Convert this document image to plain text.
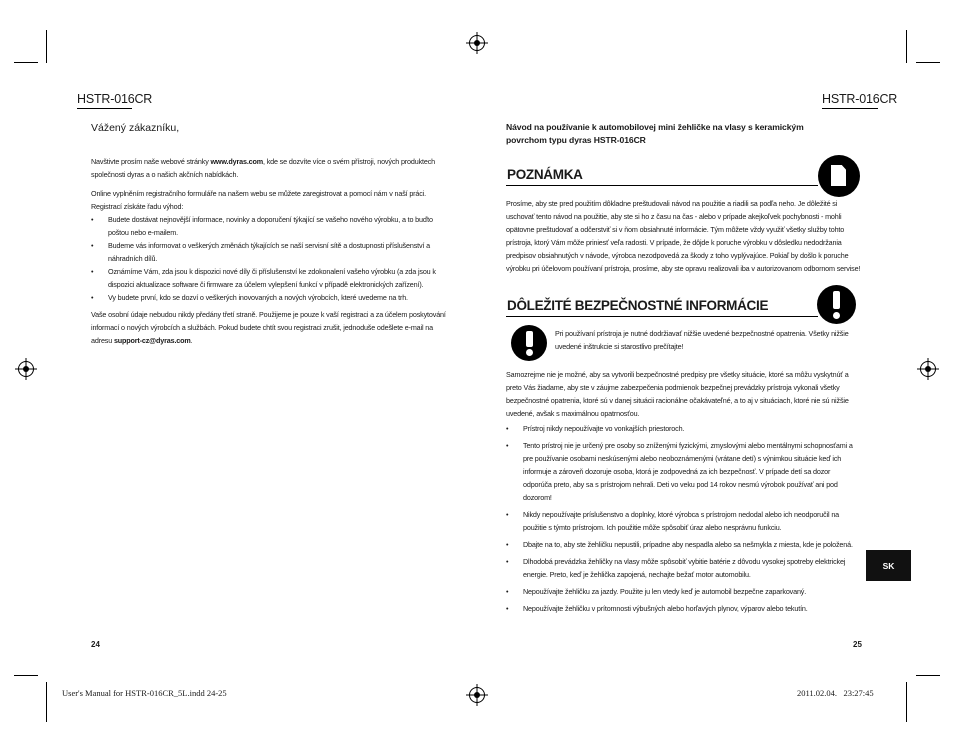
HSTR-016CR
Vážený zákazníku,

Navštivte prosím naše webové stránky www.dyras.com, kde se dozvíte více o svém přístroji, nových produktech společnosti dyras a o našich akčních nabídkách.

Online vyplněním registračního formuláře na našem webu se můžete zaregistrovat a pomocí nám v naší práci. Registrací získáte řadu výhod:

• Budete dostávat nejnovější informace, novinky a doporučení týkající se vašeho nového výrobku, a to buďto poštou nebo e-mailem.
• Budeme vás informovat o veškerých změnách týkajících se naší servisní sítě a dostupnosti příslušenství a náhradních dílů.
• Oznámíme Vám, zda jsou k dispozici nové díly či příslušenství ke zdokonalení vašeho výrobku (a zda jsou k dispozici aktualizace software či firmware za účelem vylepšení funkcí v případě elektronických zařízení).
• Vy budete první, kdo se dozví o veškerých inovovaných a nových výrobcích, které uvedeme na trh.

Vaše osobní údaje nebudou nikdy předány třetí straně. Použijeme je pouze k vaší registraci a za účelem poskytování informací o nových výrobcích a službách. Pokud budete chtít svou registraci zrušit, jednoduše odešlete e-mail na adresu support-cz@dyras.com.

24
HSTR-016CR
Návod na používanie k automobilovej mini žehličke na vlasy s keramickým povrchom typu dyras HSTR-016CR
POZNÁMKA
Prosíme, aby ste pred použitím dôkladne preštudovali návod na použitie a riadili sa podľa neho. Je dôležité si uschovať tento návod na použitie, aby ste si ho z času na čas - alebo v prípade akejkoľvek pochybnosti - mohli opätovne preštudovať a odčerstviť si v ňom obsiahnuté informácie. Tým môžete vždy využiť všetky služby tohto prístroja, ktorý Vám môže priniesť veľa radosti. V prípade, že dôjde k poruche výrobku v dôsledku nedodržania predpisov obsiahnutých v návode, výrobca nezodpovedá za škody z toho vyplývajúce. Pokiaľ by došlo k poruche výrobku pri účelovom používaní prístroja, prosíme, aby ste opravu realizovali iba v autorizovanom odbornom servise!
DÔLEŽITÉ BEZPEČNOSTNÉ INFORMÁCIE
Pri používaní prístroja je nutné dodržiavať nižšie uvedené bezpečnostné opatrenia. Všetky nižšie uvedené inštrukcie si starostlivo prečítajte!
Samozrejme nie je možné, aby sa vytvorili bezpečnostné predpisy pre všetky situácie, ktoré sa môžu vyskytnúť a preto Vás žiadame, aby ste v záujme zabezpečenia podmienok bezpečnej prevádzky prístroja vykonali všetky bezpečnostné opatrenia, ktoré sú v danej situácii racionálne očakávateľné, a to aj v situáciach, ktoré nie sú nižšie uvedené, avšak s maximálnou opatrnosťou.
• Prístroj nikdy nepoužívajte vo vonkajších priestoroch.
• Tento prístroj nie je určený pre osoby so zníženými fyzickými, zmyslovými alebo mentálnymi schopnosťami a pre používanie osobami neskúsenými alebo neoboznámenými (vrátane detí) s výnimkou situácie keď ich informuje a zároveň dozoruje osoba, ktorá je zodpovedná za ich bezpečnosť. V prípade detí sa dozor odporúča preto, aby sa s prístrojom nehrali. Deti vo veku pod 14 rokov nesmú výrobok používať ani pod dozorom!
• Nikdy nepoužívajte príslušenstvo a doplnky, ktoré výrobca s prístrojom nedodal alebo ich neodporučil na použitie s týmto prístrojom. Ich použitie môže spôsobiť úraz alebo nesprávnu funkciu.
• Dbajte na to, aby ste žehličku nepustili, prípadne aby nespadla alebo sa nešmykla z miesta, kde je položená.
• Dlhodobá prevádzka žehličky na vlasy môže spôsobiť vybitie batérie z dôvodu vysokej spotreby elektrickej energie. Preto, keď je žehlička zapojená, nechajte bežať motor automobilu.
• Nepoužívajte žehličku za jazdy. Použite ju len vtedy keď je automobil bezpečne zaparkovaný.
• Nepoužívajte žehličku v prítomnosti výbušných alebo horľavých plynov, výparov alebo tekutín.
SK
25
User's Manual for HSTR-016CR_5L.indd 24-25	2011.02.04. 23:27:45
